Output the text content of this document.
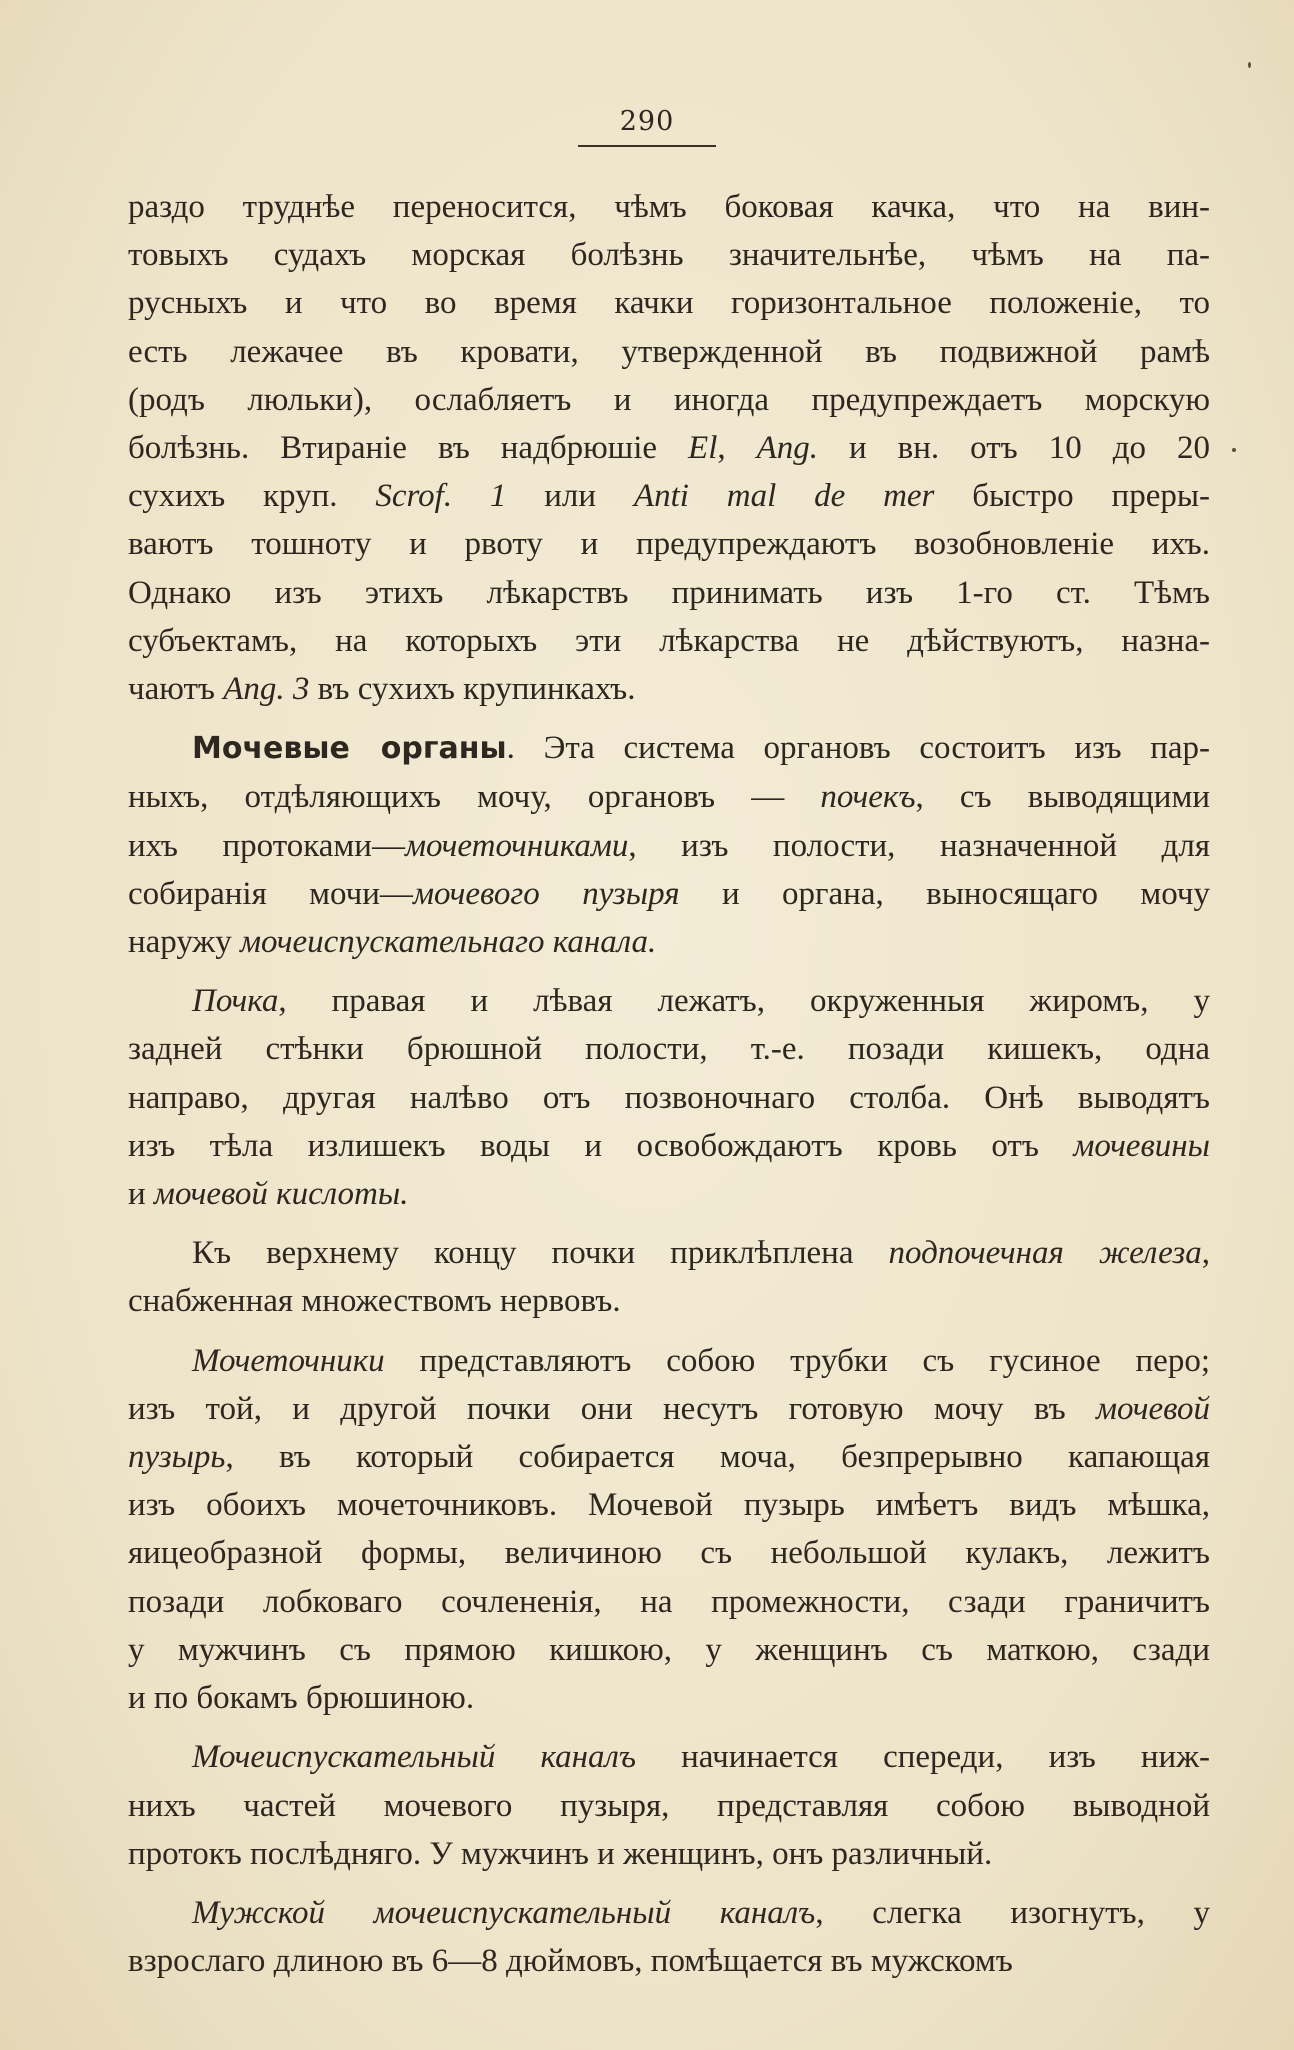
290
раздо труднѣе переносится, чѣмъ боковая качка, что на вин-
товыхъ судахъ морская болѣзнь значительнѣе, чѣмъ на па-
русныхъ и что во время качки горизонтальное положеніе, то
есть лежачее въ кровати, утвержденной въ подвижной рамѣ
(родъ люльки), ослабляетъ и иногда предупреждаетъ морскую
болѣзнь. Втираніе въ надбрюшіе El, Ang. и вн. отъ 10 до 20
сухихъ круп. Scrof. 1 или Anti mal de mer быстро преры-
ваютъ тошноту и рвоту и предупреждаютъ возобновленіе ихъ.
Однако изъ этихъ лѣкарствъ принимать изъ 1-го ст. Тѣмъ
субъектамъ, на которыхъ эти лѣкарства не дѣйствуютъ, назна-
чаютъ Ang. 3 въ сухихъ крупинкахъ.
Мочевые органы. Эта система органовъ состоитъ изъ пар-
ныхъ, отдѣляющихъ мочу, органовъ — почекъ, съ выводящими
ихъ протоками—мочеточниками, изъ полости, назначенной для
собиранія мочи—мочевого пузыря и органа, выносящаго мочу
наружу мочеиспускательнаго канала.
Почка, правая и лѣвая лежатъ, окруженныя жиромъ, у
задней стѣнки брюшной полости, т.-е. позади кишекъ, одна
направо, другая налѣво отъ позвоночнаго столба. Онѣ выводятъ
изъ тѣла излишекъ воды и освобождаютъ кровь отъ мочевины
и мочевой кислоты.
Къ верхнему концу почки приклѣплена подпочечная железа,
снабженная множествомъ нервовъ.
Мочеточники представляютъ собою трубки съ гусиное перо;
изъ той, и другой почки они несутъ готовую мочу въ мочевой
пузырь, въ который собирается моча, безпрерывно капающая
изъ обоихъ мочеточниковъ. Мочевой пузырь имѣетъ видъ мѣшка,
яицеобразной формы, величиною съ небольшой кулакъ, лежитъ
позади лобковаго сочлененія, на промежности, сзади граничитъ
у мужчинъ съ прямою кишкою, у женщинъ съ маткою, сзади
и по бокамъ брюшиною.
Мочеиспускательный каналъ начинается спереди, изъ ниж-
нихъ частей мочевого пузыря, представляя собою выводной
протокъ послѣдняго. У мужчинъ и женщинъ, онъ различный.
Мужской мочеиспускательный каналъ, слегка изогнутъ, у
взрослаго длиною въ 6—8 дюймовъ, помѣщается въ мужскомъ
